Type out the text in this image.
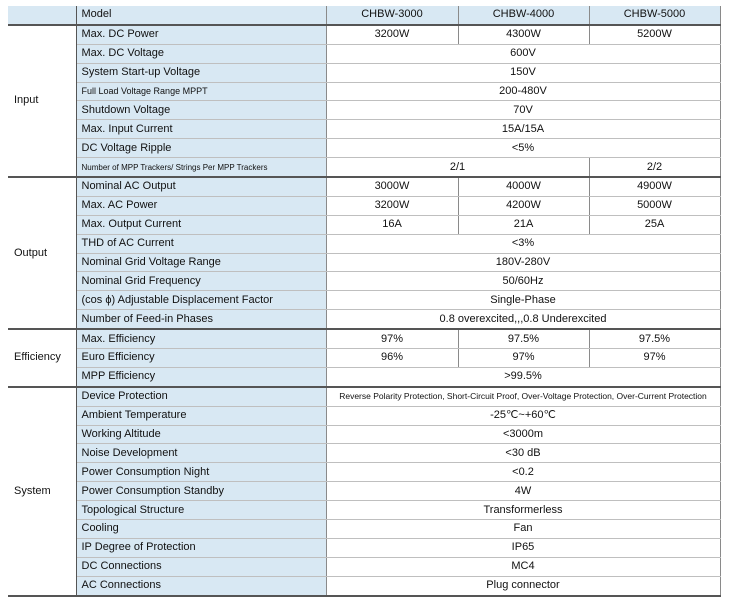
	Model	CHBW-3000	CHBW-4000	CHBW-5000
Input	Max. DC Power	3200W	4300W	5200W
	Max. DC Voltage	600V		
	System Start-up Voltage	150V		
	Full Load Voltage Range MPPT	200-480V		
	Shutdown Voltage	70V		
	Max. Input Current	15A/15A		
	DC Voltage Ripple	<5%		
	Number of MPP Trackers/ Strings Per MPP Trackers	2/1		2/2
Output	Nominal AC Output	3000W	4000W	4900W
	Max. AC Power	3200W	4200W	5000W
	Max. Output Current	16A	21A	25A
	THD of AC Current	<3%		
	Nominal Grid Voltage Range	180V-280V		
	Nominal Grid Frequency	50/60Hz		
	(cos ϕ) Adjustable Displacement Factor	Single-Phase		
	Number of Feed-in Phases	0.8 overexcited,,,0.8 Underexcited		
Efficiency	Max. Efficiency	97%	97.5%	97.5%
	Euro Efficiency	96%	97%	97%
	MPP Efficiency	>99.5%		
System	Device Protection	Reverse Polarity Protection, Short-Circuit Proof, Over-Voltage Protection, Over-Current Protection		
	Ambient Temperature	-25℃~+60℃		
	Working Altitude	<3000m		
	Noise Development	<30 dB		
	Power Consumption Night	<0.2		
	Power Consumption Standby	4W		
	Topological Structure	Transformerless		
	Cooling	Fan		
	IP Degree of Protection	IP65		
	DC Connections	MC4		
	AC Connections	Plug connector		
